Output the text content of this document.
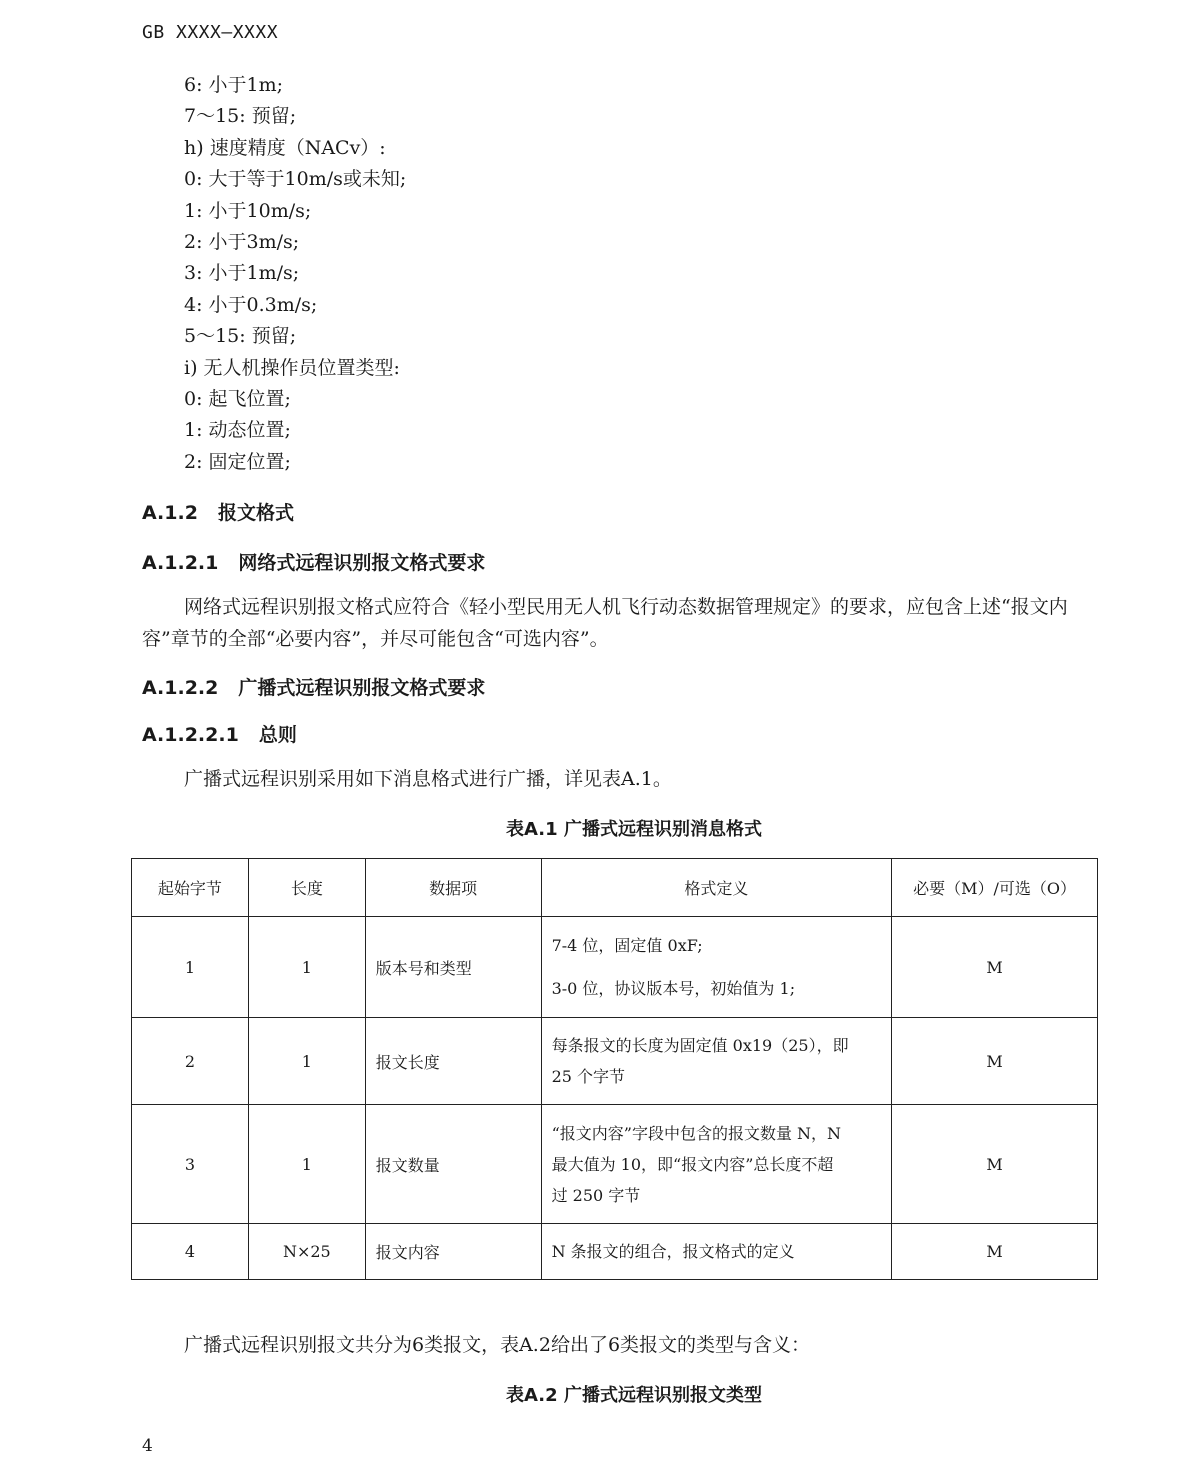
GB XXXX—XXXX
6: 小于1m;
7～15: 预留;
h) 速度精度（NACv）:
0: 大于等于10m/s或未知;
1: 小于10m/s;
2: 小于3m/s;
3: 小于1m/s;
4: 小于0.3m/s;
5～15: 预留;
i) 无人机操作员位置类型:
0: 起飞位置;
1: 动态位置;
2: 固定位置;
A.1.2 报文格式
A.1.2.1 网络式远程识别报文格式要求
网络式远程识别报文格式应符合《轻小型民用无人机飞行动态数据管理规定》的要求，应包含上述“报文内容”章节的全部“必要内容”，并尽可能包含“可选内容”。
A.1.2.2 广播式远程识别报文格式要求
A.1.2.2.1 总则
广播式远程识别采用如下消息格式进行广播，详见表A.1。
表A.1 广播式远程识别消息格式
起始字节	长度	数据项	格式定义	必要（M）/可选（O）
1	1	版本号和类型	7-4 位，固定值 0xF;
3-0 位，协议版本号，初始值为 1;	M
2	1	报文长度	每条报文的长度为固定值 0x19（25），即
25 个字节	M
3	1	报文数量	“报文内容”字段中包含的报文数量 N，N
最大值为 10，即“报文内容”总长度不超
过 250 字节	M
4	N×25	报文内容	N 条报文的组合，报文格式的定义	M
广播式远程识别报文共分为6类报文，表A.2给出了6类报文的类型与含义：
表A.2 广播式远程识别报文类型
4
